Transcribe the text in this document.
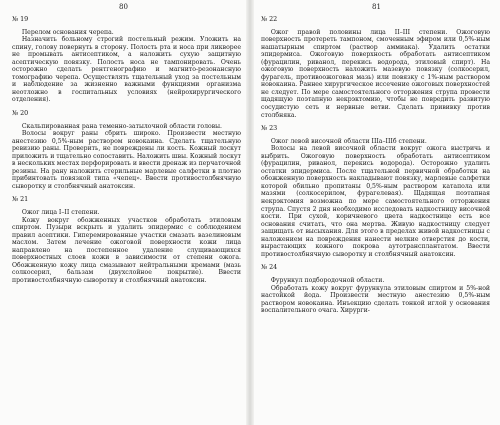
80
№ 19

Перелом основания черепа.

Назначить больному строгий постельный режим. Уложить на спину, голову повернуть в сторону. Полость рта и носа при ликворее не промывать антисептиком, а наложить сухую защитную асептическую повязку. Полость носа не тампонировать. Очень осторожно сделать рентгенографию и магнито-резонансную томографию черепа. Осуществлять тщательный уход за постельным и наблюдение за жизненно важными функциями организма неотложно в госпитальных условиях (нейрохирургического отделения).

№ 20

Скальпированная рана теменно-затылочной области головы.

Волосы вокруг раны сбрить широко. Произвести местную анестезию 0,5%-ным раствором новокаина. Сделать тщательную ревизию раны. Проверить, не повреждены ли кость. Кожный лоскут приложить и тщательно сопоставить. Наложить швы. Кожный лоскут в нескольких местах перфорировать и ввести дренаж из перчаточной резины. На рану наложить стерильные марлевые салфетки в плотно прибинтовать повязкой типа «чепец». Ввести противостолбнячную сыворотку и столбнячный анатоксин.

№ 21

Ожог лица I–II степени.

Кожу вокруг обожженных участков обработать этиловым спиртом. Пузыри вскрыть и удалить эпидермис с соблюдением правил асептики. Гиперемированные участки смазать вазелиновым маслом. Затем лечение ожоговой поверхности кожи лица направлено на постепенное удаление слущивающихся поверхностных слоев кожи в зависимости от степени ожога. Обожженную кожу лица смазывают нейтральными кремами (мазь солкосерил, бальзам (двухслойное покрытие). Ввести противостолбнячную сыворотку и столбнячный анатоксин.

81
№ 22

Ожог правой половины лица II–III степени. Ожоговую поверхность протереть тампоном, смоченным эфиром или 0,5%-ным нашатырным спиртом (раствор аммиака). Удалить остатки эпидермиса. Ожоговую поверхность обработать антисептиком (фурацилин, риванол, перекись водорода, этиловый спирт). На ожоговую поверхность наложить мазевую повязку (солкосерил, фурагель, противоожоговая мазь) или повязку с 1%-ным раствором новокаина. Раннее хирургическое иссечение ожоговых поверхностей не следует. По мере самостоятельного отторжения струпа провести щадящую поэтапную некрэктомию, чтобы не повредить развитую сосудистую сеть и нервные ветви. Сделать прививку против столбняка.

№ 23

Ожог левой височной области IIIa–IIIб степени.

Волосы на левой височной области вокруг ожога выстричь и выбрить. Ожоговую поверхность обработать антисептиком (фурацилин, риванол, перекись водорода). Осторожно удалить остатки эпидермиса. После тщательной первичной обработки на обожженную поверхность накладывают повязку, марлевые салфетки которой обильно пропитаны 0,5%-ным раствором катапола или мазями (солкосерилом, фурагелевая). Щадящая поэтапная некрэктомия возможна по мере самостоятельного отторжения струпа. Спустя 2 дня необходимо исследовать надкостницу височной кости. При сухой, коричневого цвета надкостнице есть все основания считать, что она мертва. Живую надкостницу следует защищать от высыхания. Для этого в пределах живой надкостницы с наложением на повреждения нанести мелкие отверстия до кости, вырастающих кожного покрова аутотрансплантатом. Ввести противостолбнячную сыворотку и столбнячный анатоксин.

№ 24

Фурункул подбородочной области.

Обработать кожу вокруг фурункула этиловым спиртом и 5%-ной настойкой йода. Произвести местную анестезию 0,5%-ным раствором новокаина. Инъекцию сделать тонкой иглой у основания воспалительного очага. Хирурги-
